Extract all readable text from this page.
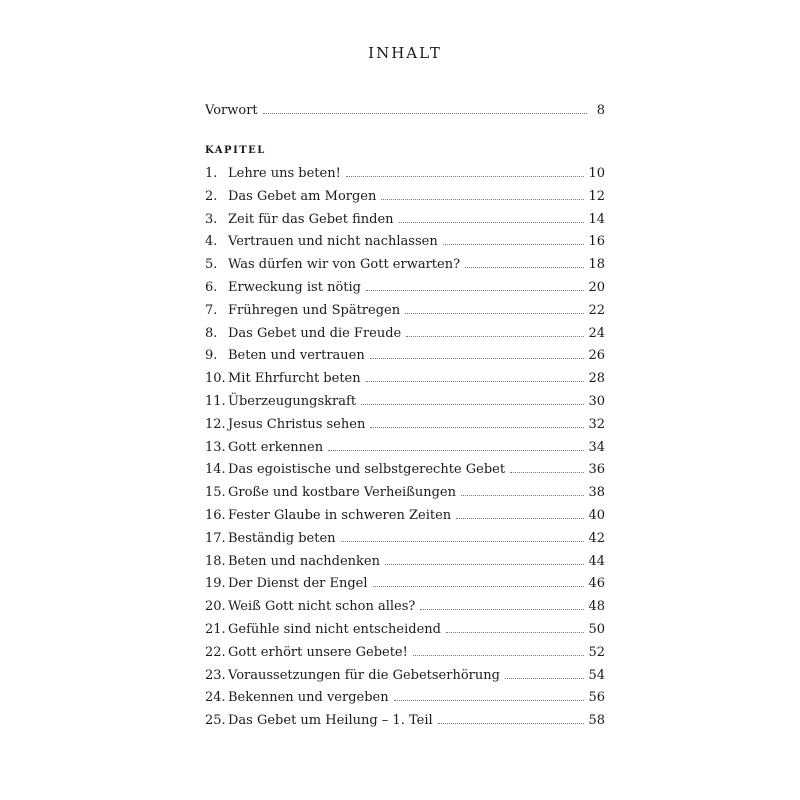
INHALT
Vorwort	8
KAPITEL
1. Lehre uns beten!	10
2. Das Gebet am Morgen	12
3. Zeit für das Gebet finden	14
4. Vertrauen und nicht nachlassen	16
5. Was dürfen wir von Gott erwarten?	18
6. Erweckung ist nötig	20
7. Frühregen und Spätregen	22
8. Das Gebet und die Freude	24
9. Beten und vertrauen	26
10. Mit Ehrfurcht beten	28
11. Überzeugungskraft	30
12. Jesus Christus sehen	32
13. Gott erkennen	34
14. Das egoistische und selbstgerechte Gebet	36
15. Große und kostbare Verheißungen	38
16. Fester Glaube in schweren Zeiten	40
17. Beständig beten	42
18. Beten und nachdenken	44
19. Der Dienst der Engel	46
20. Weiß Gott nicht schon alles?	48
21. Gefühle sind nicht entscheidend	50
22. Gott erhört unsere Gebete!	52
23. Voraussetzungen für die Gebetserhörung	54
24. Bekennen und vergeben	56
25. Das Gebet um Heilung – 1. Teil	58
